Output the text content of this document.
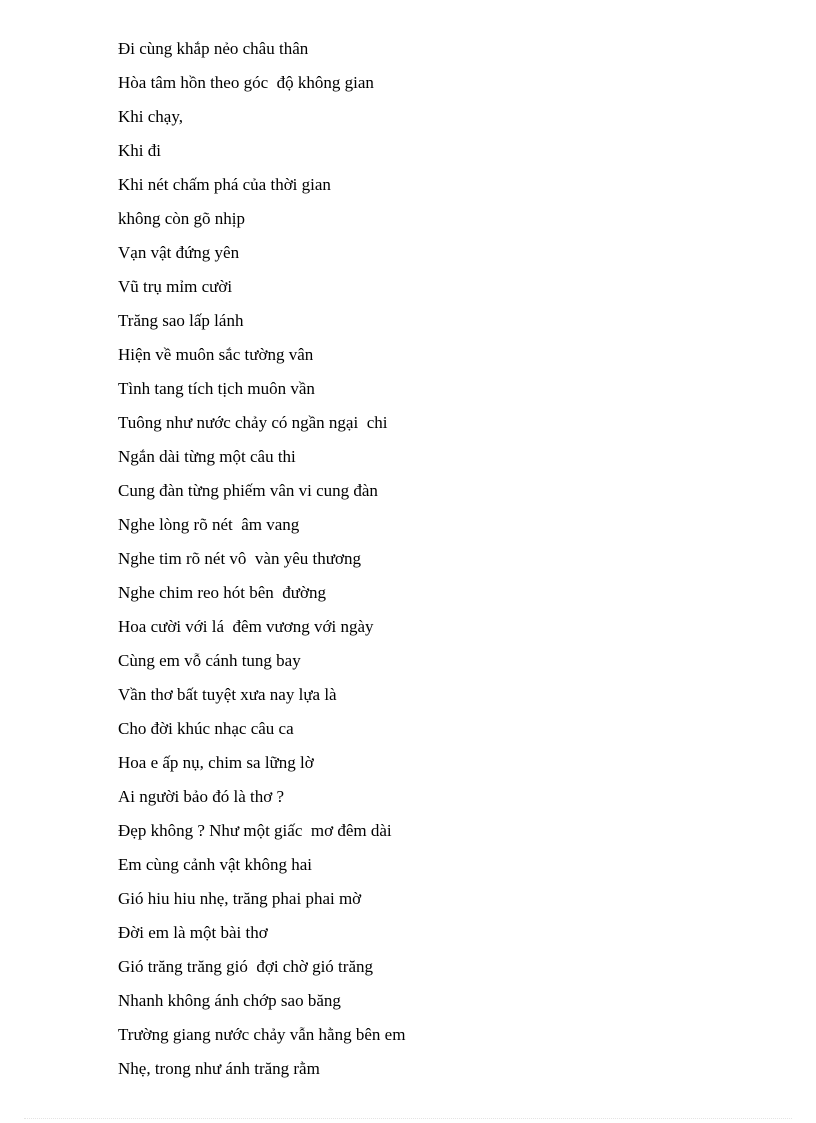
Đi cùng khắp nẻo châu thân
Hòa tâm hồn theo góc  độ không gian
Khi chạy,
Khi đi
Khi nét chấm phá của thời gian
không còn gõ nhịp
Vạn vật đứng yên
Vũ trụ mỉm cười
Trăng sao lấp lánh
Hiện về muôn sắc tường vân
Tình tang tích tịch muôn vần
Tuông như nước chảy có ngần ngại  chi
Ngắn dài từng một câu thi
Cung đàn từng phiếm vân vi cung đàn
Nghe lòng rõ nét  âm vang
Nghe tim rõ nét vô  vàn yêu thương
Nghe chim reo hót bên  đường
Hoa cười với lá  đêm vương với ngày
Cùng em vỗ cánh tung bay
Vần thơ bất tuyệt xưa nay lựa là
Cho đời khúc nhạc câu ca
Hoa e ấp nụ, chim sa lững lờ
Ai người bảo đó là thơ ?
Đẹp không ? Như một giấc  mơ đêm dài
Em cùng cảnh vật không hai
Gió hiu hiu nhẹ, trăng phai phai mờ
Đời em là một bài thơ
Gió trăng trăng gió  đợi chờ gió trăng
Nhanh không ánh chớp sao băng
Trường giang nước chảy vẫn hằng bên em
Nhẹ, trong như ánh trăng rằm
